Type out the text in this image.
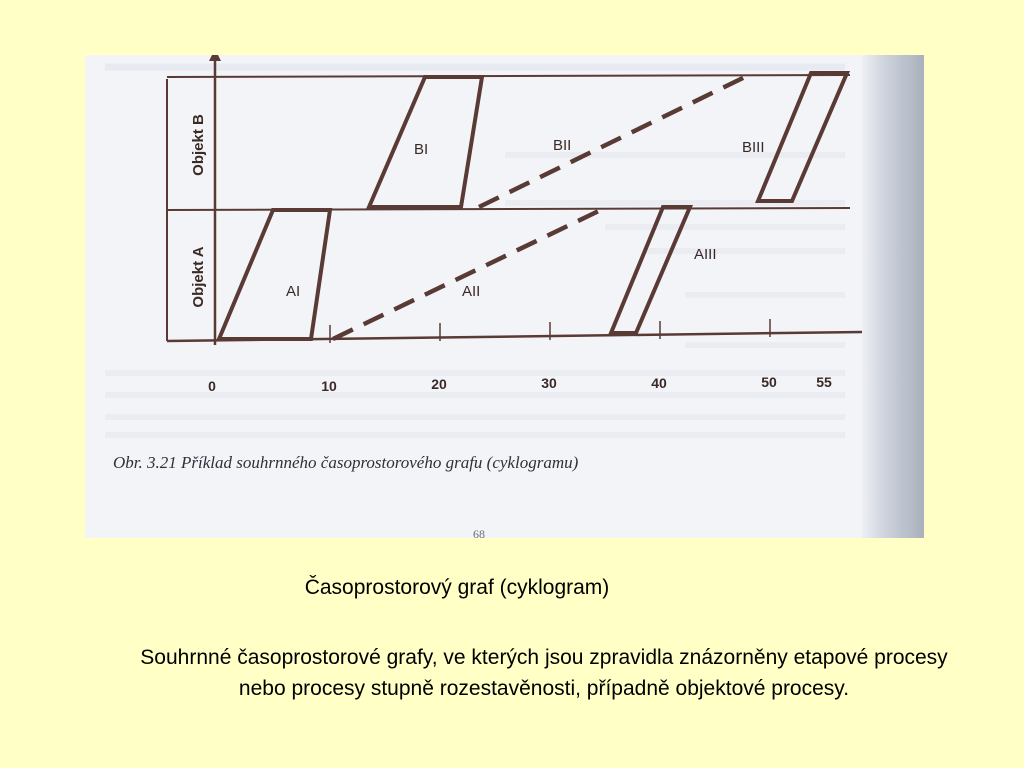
Objekt B
Objekt A	AI	AII
AIII
BI	BII	BIII
0	10	20	30	40	50	55
Obr. 3.21 Příklad souhrnného časoprostorového grafu (cyklogramu)
68
Časoprostorový graf (cyklogram)
Souhrnné časoprostorové grafy, ve kterých jsou zpravidla znázorněny etapové procesy nebo procesy stupně rozestavěnosti, případně objektové procesy.
